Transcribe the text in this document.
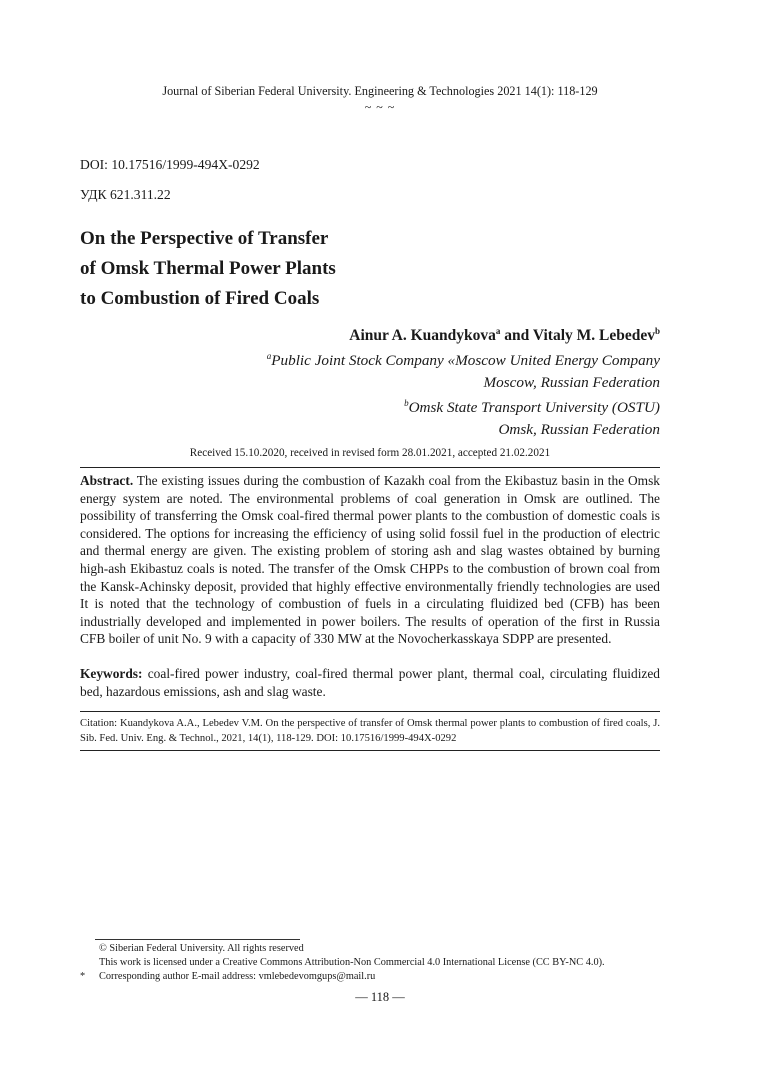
Journal of Siberian Federal University. Engineering & Technologies 2021 14(1): 118-129
~ ~ ~
DOI: 10.17516/1999-494X-0292
УДК 621.311.22
On the Perspective of Transfer
of Omsk Thermal Power Plants
to Combustion of Fired Coals
Ainur A. Kuandykova$^a$ and Vitaly M. Lebedev$^b$
$^a$Public Joint Stock Company «Moscow United Energy Company
Moscow, Russian Federation
$^b$Omsk State Transport University (OSTU)
Omsk, Russian Federation
Received 15.10.2020, received in revised form 28.01.2021, accepted 21.02.2021
Abstract. The existing issues during the combustion of Kazakh coal from the Ekibastuz basin in the Omsk energy system are noted. The environmental problems of coal generation in Omsk are outlined. The possibility of transferring the Omsk coal-fired thermal power plants to the combustion of domestic coals is considered. The options for increasing the efficiency of using solid fossil fuel in the production of electric and thermal energy are given. The existing problem of storing ash and slag wastes obtained by burning high-ash Ekibastuz coals is noted. The transfer of the Omsk CHPPs to the combustion of brown coal from the Kansk-Achinsky deposit, provided that highly effective environmentally friendly technologies are used It is noted that the technology of combustion of fuels in a circulating fluidized bed (CFB) has been industrially developed and implemented in power boilers. The results of operation of the first in Russia CFB boiler of unit No. 9 with a capacity of 330 MW at the Novocherkasskaya SDPP are presented.
Keywords: coal-fired power industry, coal-fired thermal power plant, thermal coal, circulating fluidized bed, hazardous emissions, ash and slag waste.
Citation: Kuandykova A.A., Lebedev V.M. On the perspective of transfer of Omsk thermal power plants to combustion of fired coals, J. Sib. Fed. Univ. Eng. & Technol., 2021, 14(1), 118-129. DOI: 10.17516/1999-494X-0292
© Siberian Federal University. All rights reserved
This work is licensed under a Creative Commons Attribution-Non Commercial 4.0 International License (CC BY-NC 4.0).
* Corresponding author E-mail address: vmlebedevomgups@mail.ru
— 118 —
